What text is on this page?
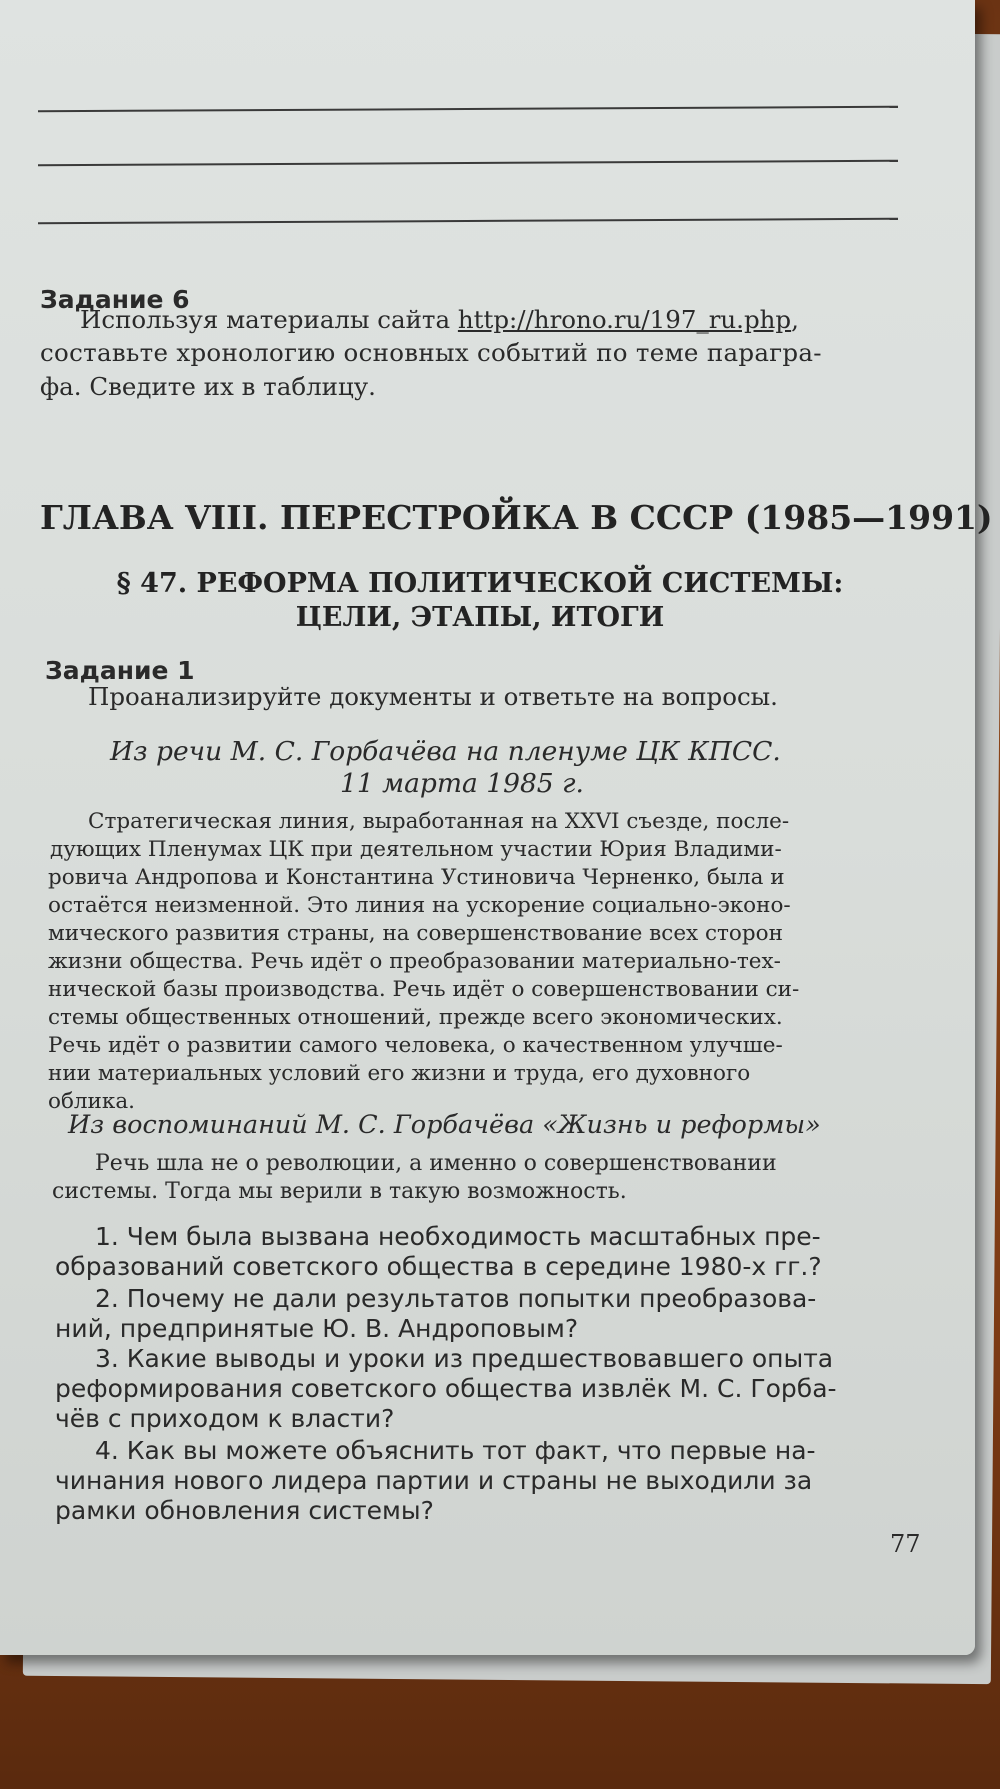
Задание 6
Используя материалы сайта http://hrono.ru/197_ru.php,
составьте хронологию основных событий по теме парагра-
фа. Сведите их в таблицу.
ГЛАВА VIII. ПЕРЕСТРОЙКА В СССР (1985—1991)
§ 47. РЕФОРМА ПОЛИТИЧЕСКОЙ СИСТЕМЫ:
ЦЕЛИ, ЭТАПЫ, ИТОГИ
Задание 1
Проанализируйте документы и ответьте на вопросы.
Из речи М. С. Горбачёва на пленуме ЦК КПСС.
11 марта 1985 г.
Стратегическая линия, выработанная на XXVI съезде, после-
дующих Пленумах ЦК при деятельном участии Юрия Владими-
ровича Андропова и Константина Устиновича Черненко, была и
остаётся неизменной. Это линия на ускорение социально-эконо-
мического развития страны, на совершенствование всех сторон
жизни общества. Речь идёт о преобразовании материально-тех-
нической базы производства. Речь идёт о совершенствовании си-
стемы общественных отношений, прежде всего экономических.
Речь идёт о развитии самого человека, о качественном улучше-
нии материальных условий его жизни и труда, его духовного
облика.
Из воспоминаний М. С. Горбачёва «Жизнь и реформы»
Речь шла не о революции, а именно о совершенствовании
системы. Тогда мы верили в такую возможность.
1. Чем была вызвана необходимость масштабных пре-
образований советского общества в середине 1980-х гг.?
2. Почему не дали результатов попытки преобразова-
ний, предпринятые Ю. В. Андроповым?
3. Какие выводы и уроки из предшествовавшего опыта
реформирования советского общества извлёк М. С. Горба-
чёв с приходом к власти?
4. Как вы можете объяснить тот факт, что первые на-
чинания нового лидера партии и страны не выходили за
рамки обновления системы?
77
